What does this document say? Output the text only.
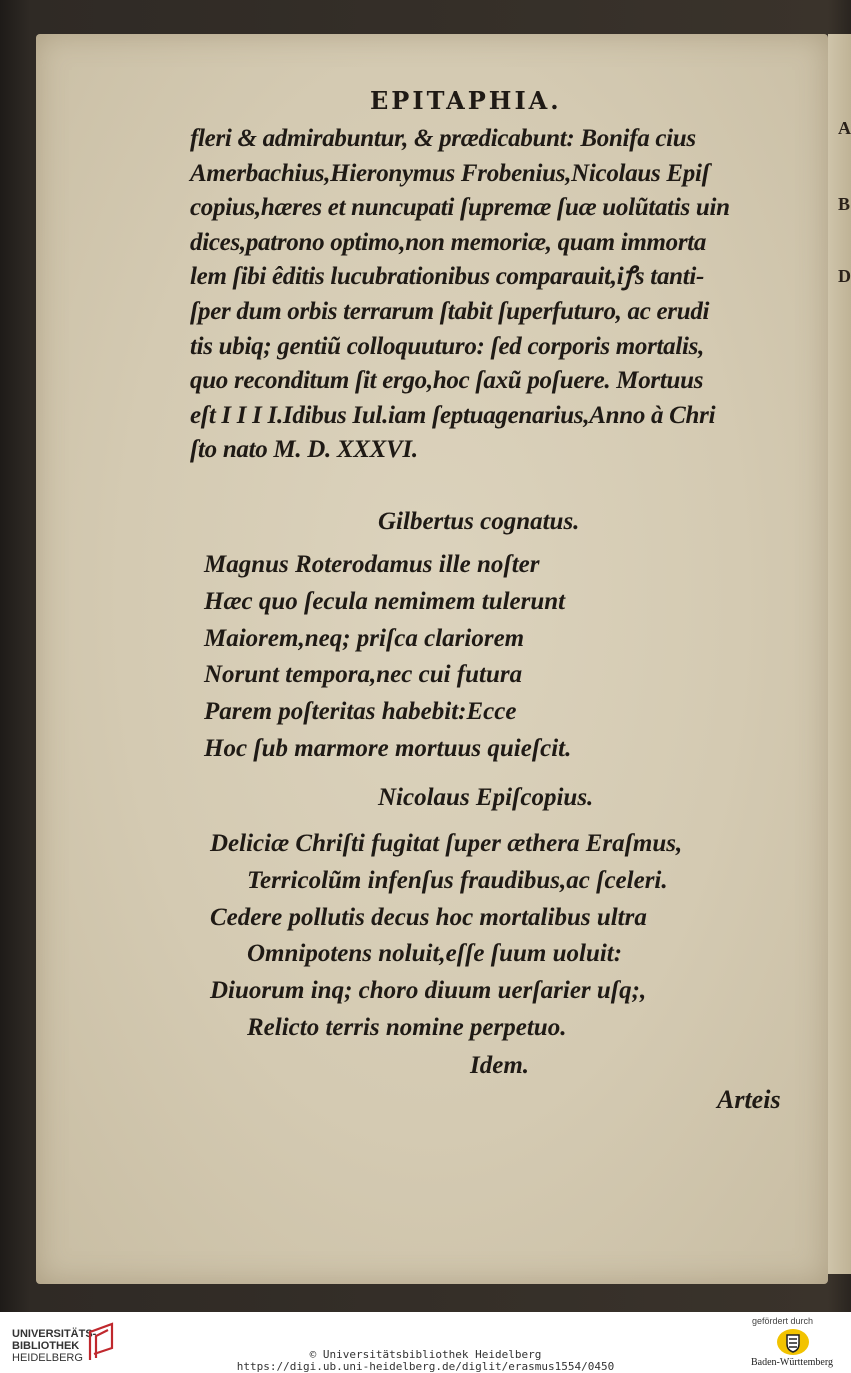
A
B
D
EPITAPHIA.
fleri & admirabuntur, & prædicabunt: Bonifa cius
Amerbachius,Hieronymus Frobenius,Nicolaus Epiſ
copius,hæres et nuncupati ſupremæ ſuæ uolũtatis uin
dices,patrono optimo,non memoriæ, quam immorta
lem ſibi êditis lucubrationibus comparauit,iꝭs tanti-
ſper dum orbis terrarum ſtabit ſuperfuturo, ac erudi
tis ubiq; gentiũ colloquuturo: ſed corporis mortalis,
quo reconditum ſit ergo,hoc ſaxũ poſuere. Mortuus
eſt I I I I.Idibus Iul.iam ſeptuagenarius,Anno à Chri
ſto nato M. D. XXXVI.
Gilbertus cognatus.
Magnus Roterodamus ille noſter
Hæc quo ſecula nemimem tulerunt
Maiorem,neq; priſca clariorem
Norunt tempora,nec cui futura
Parem poſteritas habebit:Ecce
Hoc ſub marmore mortuus quieſcit.
Nicolaus Epiſcopius.
Deliciæ Chriſti fugitat ſuper æthera Eraſmus,
Terricolũm infenſus fraudibus,ac ſceleri.
Cedere pollutis decus hoc mortalibus ultra
Omnipotens noluit,eſſe ſuum uoluit:
Diuorum inq; choro diuum uerſarier uſq;,
Relicto terris nomine perpetuo.
Idem.
Arteis
UNIVERSITÄTS-
BIBLIOTHEK
HEIDELBERG	© Universitätsbibliothek Heidelberg
https://digi.ub.uni-heidelberg.de/diglit/erasmus1554/0450
gefördert durch
Baden-Württemberg
